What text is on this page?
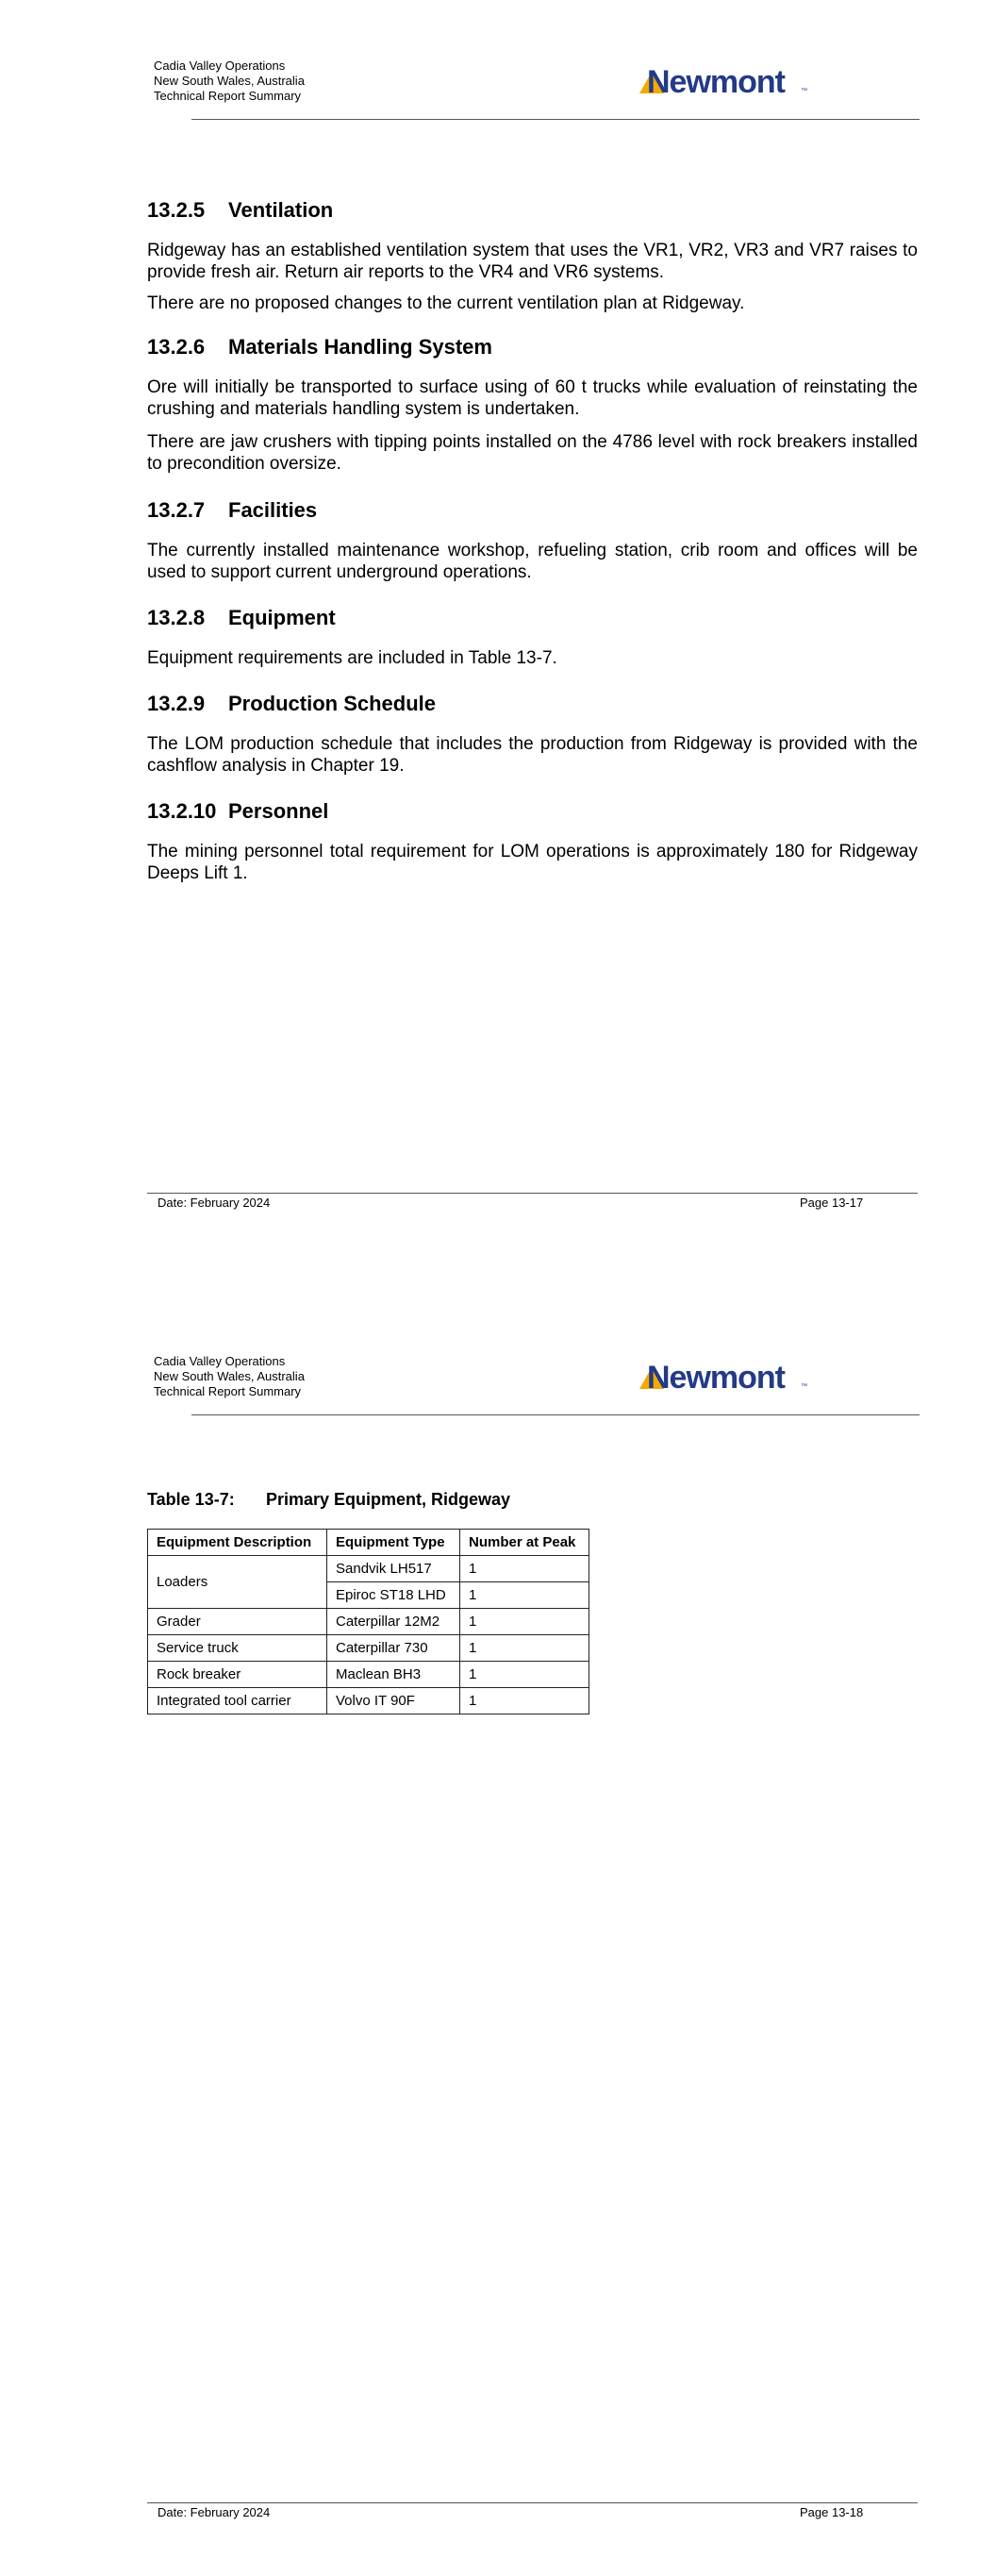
Cadia Valley Operations
New South Wales, Australia
Technical Report Summary	Newmont ™
13.2.5 Ventilation

Ridgeway has an established ventilation system that uses the VR1, VR2, VR3 and VR7 raises to provide fresh air. Return air reports to the VR4 and VR6 systems.

There are no proposed changes to the current ventilation plan at Ridgeway.

13.2.6 Materials Handling System

Ore will initially be transported to surface using of 60 t trucks while evaluation of reinstating the crushing and materials handling system is undertaken.

There are jaw crushers with tipping points installed on the 4786 level with rock breakers installed to precondition oversize.

13.2.7 Facilities

The currently installed maintenance workshop, refueling station, crib room and offices will be used to support current underground operations.

13.2.8 Equipment

Equipment requirements are included in Table 13-7.

13.2.9 Production Schedule

The LOM production schedule that includes the production from Ridgeway is provided with the cashflow analysis in Chapter 19.

13.2.10 Personnel

The mining personnel total requirement for LOM operations is approximately 180 for Ridgeway Deeps Lift 1.

Date: February 2024	Page 13-17
Cadia Valley Operations
New South Wales, Australia
Technical Report Summary	Newmont ™
Table 13-7: Primary Equipment, Ridgeway
Equipment Description	Equipment Type	Number at Peak
Loaders	Sandvik LH517	1
	Epiroc ST18 LHD	1
Grader	Caterpillar 12M2	1
Service truck	Caterpillar 730	1
Rock breaker	Maclean BH3	1
Integrated tool carrier	Volvo IT 90F	1
Date: February 2024	Page 13-18
